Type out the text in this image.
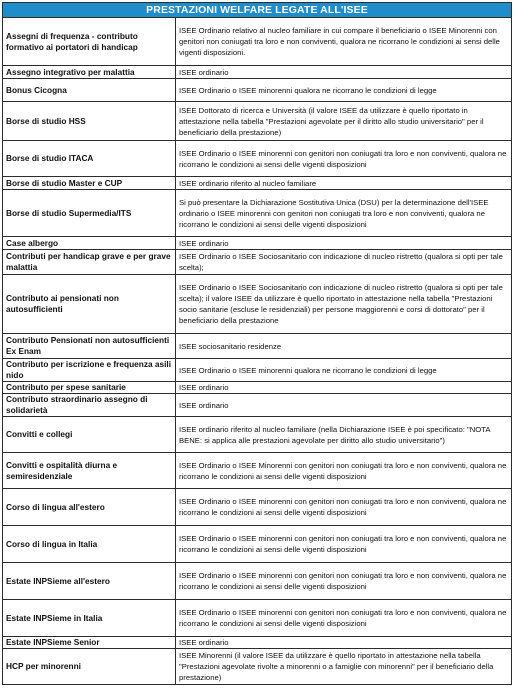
PRESTAZIONI WELFARE LEGATE ALL'ISEE	
Assegni di frequenza - contributo formativo ai portatori di handicap	ISEE Ordinario relativo al nucleo familiare in cui compare il beneficiario o ISEE Minorenni con genitori non coniugati tra loro e non conviventi, qualora ne ricorrano le condizioni ai sensi delle vigenti disposizioni.
Assegno integrativo per malattia	ISEE ordinario
Bonus Cicogna	ISEE Ordinario o ISEE minorenni qualora ne ricorrano le condizioni di legge
Borse di studio HSS	ISEE Dottorato di ricerca e Università (il valore ISEE da utilizzare è quello riportato in attestazione nella tabella "Prestazioni agevolate per il diritto allo studio universitario" per il beneficiario della prestazione)
Borse di studio ITACA	ISEE Ordinario o ISEE minorenni con genitori non coniugati tra loro e non conviventi, qualora ne ricorrano le condizioni ai sensi delle vigenti disposizioni
Borse di studio Master e CUP	ISEE ordinario riferito al nucleo familiare
Borse di studio Supermedia/ITS	Si può presentare la Dichiarazione Sostitutiva Unica (DSU) per la determinazione dell'ISEE ordinario o ISEE minorenni con genitori non coniugati tra loro e non conviventi, qualora ne ricorrano le condizioni ai sensi delle vigenti disposizioni
Case albergo	ISEE ordinario
Contributi per handicap grave e per grave malattia	ISEE Ordinario o ISEE Sociosanitario con indicazione di nucleo ristretto (qualora si opti per tale scelta);
Contributo ai pensionati non autosufficienti	ISEE Ordinario o ISEE Sociosanitario con indicazione di nucleo ristretto (qualora si opti per tale scelta); il valore ISEE da utilizzare è quello riportato in attestazione nella tabella "Prestazioni socio sanitarie (escluse le residenziali) per persone maggiorenni e corsi di dottorato" per il beneficiario della prestazione
Contributo Pensionati non autosufficienti Ex Enam	ISEE sociosanitario residenze
Contributo per iscrizione e frequenza asili nido	ISEE Ordinario o ISEE minorenni qualora ne ricorrano le condizioni di legge
Contributo per spese sanitarie	ISEE ordinario
Contributo straordinario assegno di solidarietà	ISEE ordinario
Convitti e collegi	ISEE ordinario riferito al nucleo familiare (nella Dichiarazione ISEE è poi specificato: "NOTA BENE: si applica alle prestazioni agevolate per diritto allo studio universitario")
Convitti e ospitalità diurna e semiresidenziale	ISEE Ordinario o ISEE Minorenni con genitori non coniugati tra loro e non conviventi, qualora ne ricorrano le condizioni ai sensi delle vigenti disposizioni
Corso di lingua all'estero	ISEE Ordinario o ISEE minorenni con genitori non coniugati tra loro e non conviventi, qualora ne ricorrano le condizioni ai sensi delle vigenti disposizioni
Corso di lingua in Italia	ISEE Ordinario o ISEE minorenni con genitori non coniugati tra loro e non conviventi, qualora ne ricorrano le condizioni ai sensi delle vigenti disposizioni
Estate INPSieme all'estero	ISEE Ordinario o ISEE minorenni con genitori non coniugati tra loro e non conviventi, qualora ne ricorrano le condizioni ai sensi delle vigenti disposizioni
Estate INPSieme in Italia	ISEE Ordinario o ISEE minorenni con genitori non coniugati tra loro e non conviventi, qualora ne ricorrano le condizioni ai sensi delle vigenti disposizioni
Estate INPSieme Senior	ISEE ordinario
HCP per minorenni	ISEE Minorenni (il valore ISEE da utilizzare è quello riportato in attestazione nella tabella "Prestazioni agevolate rivolte a minorenni o a famiglie con minorenni" per il beneficiario della prestazione)
